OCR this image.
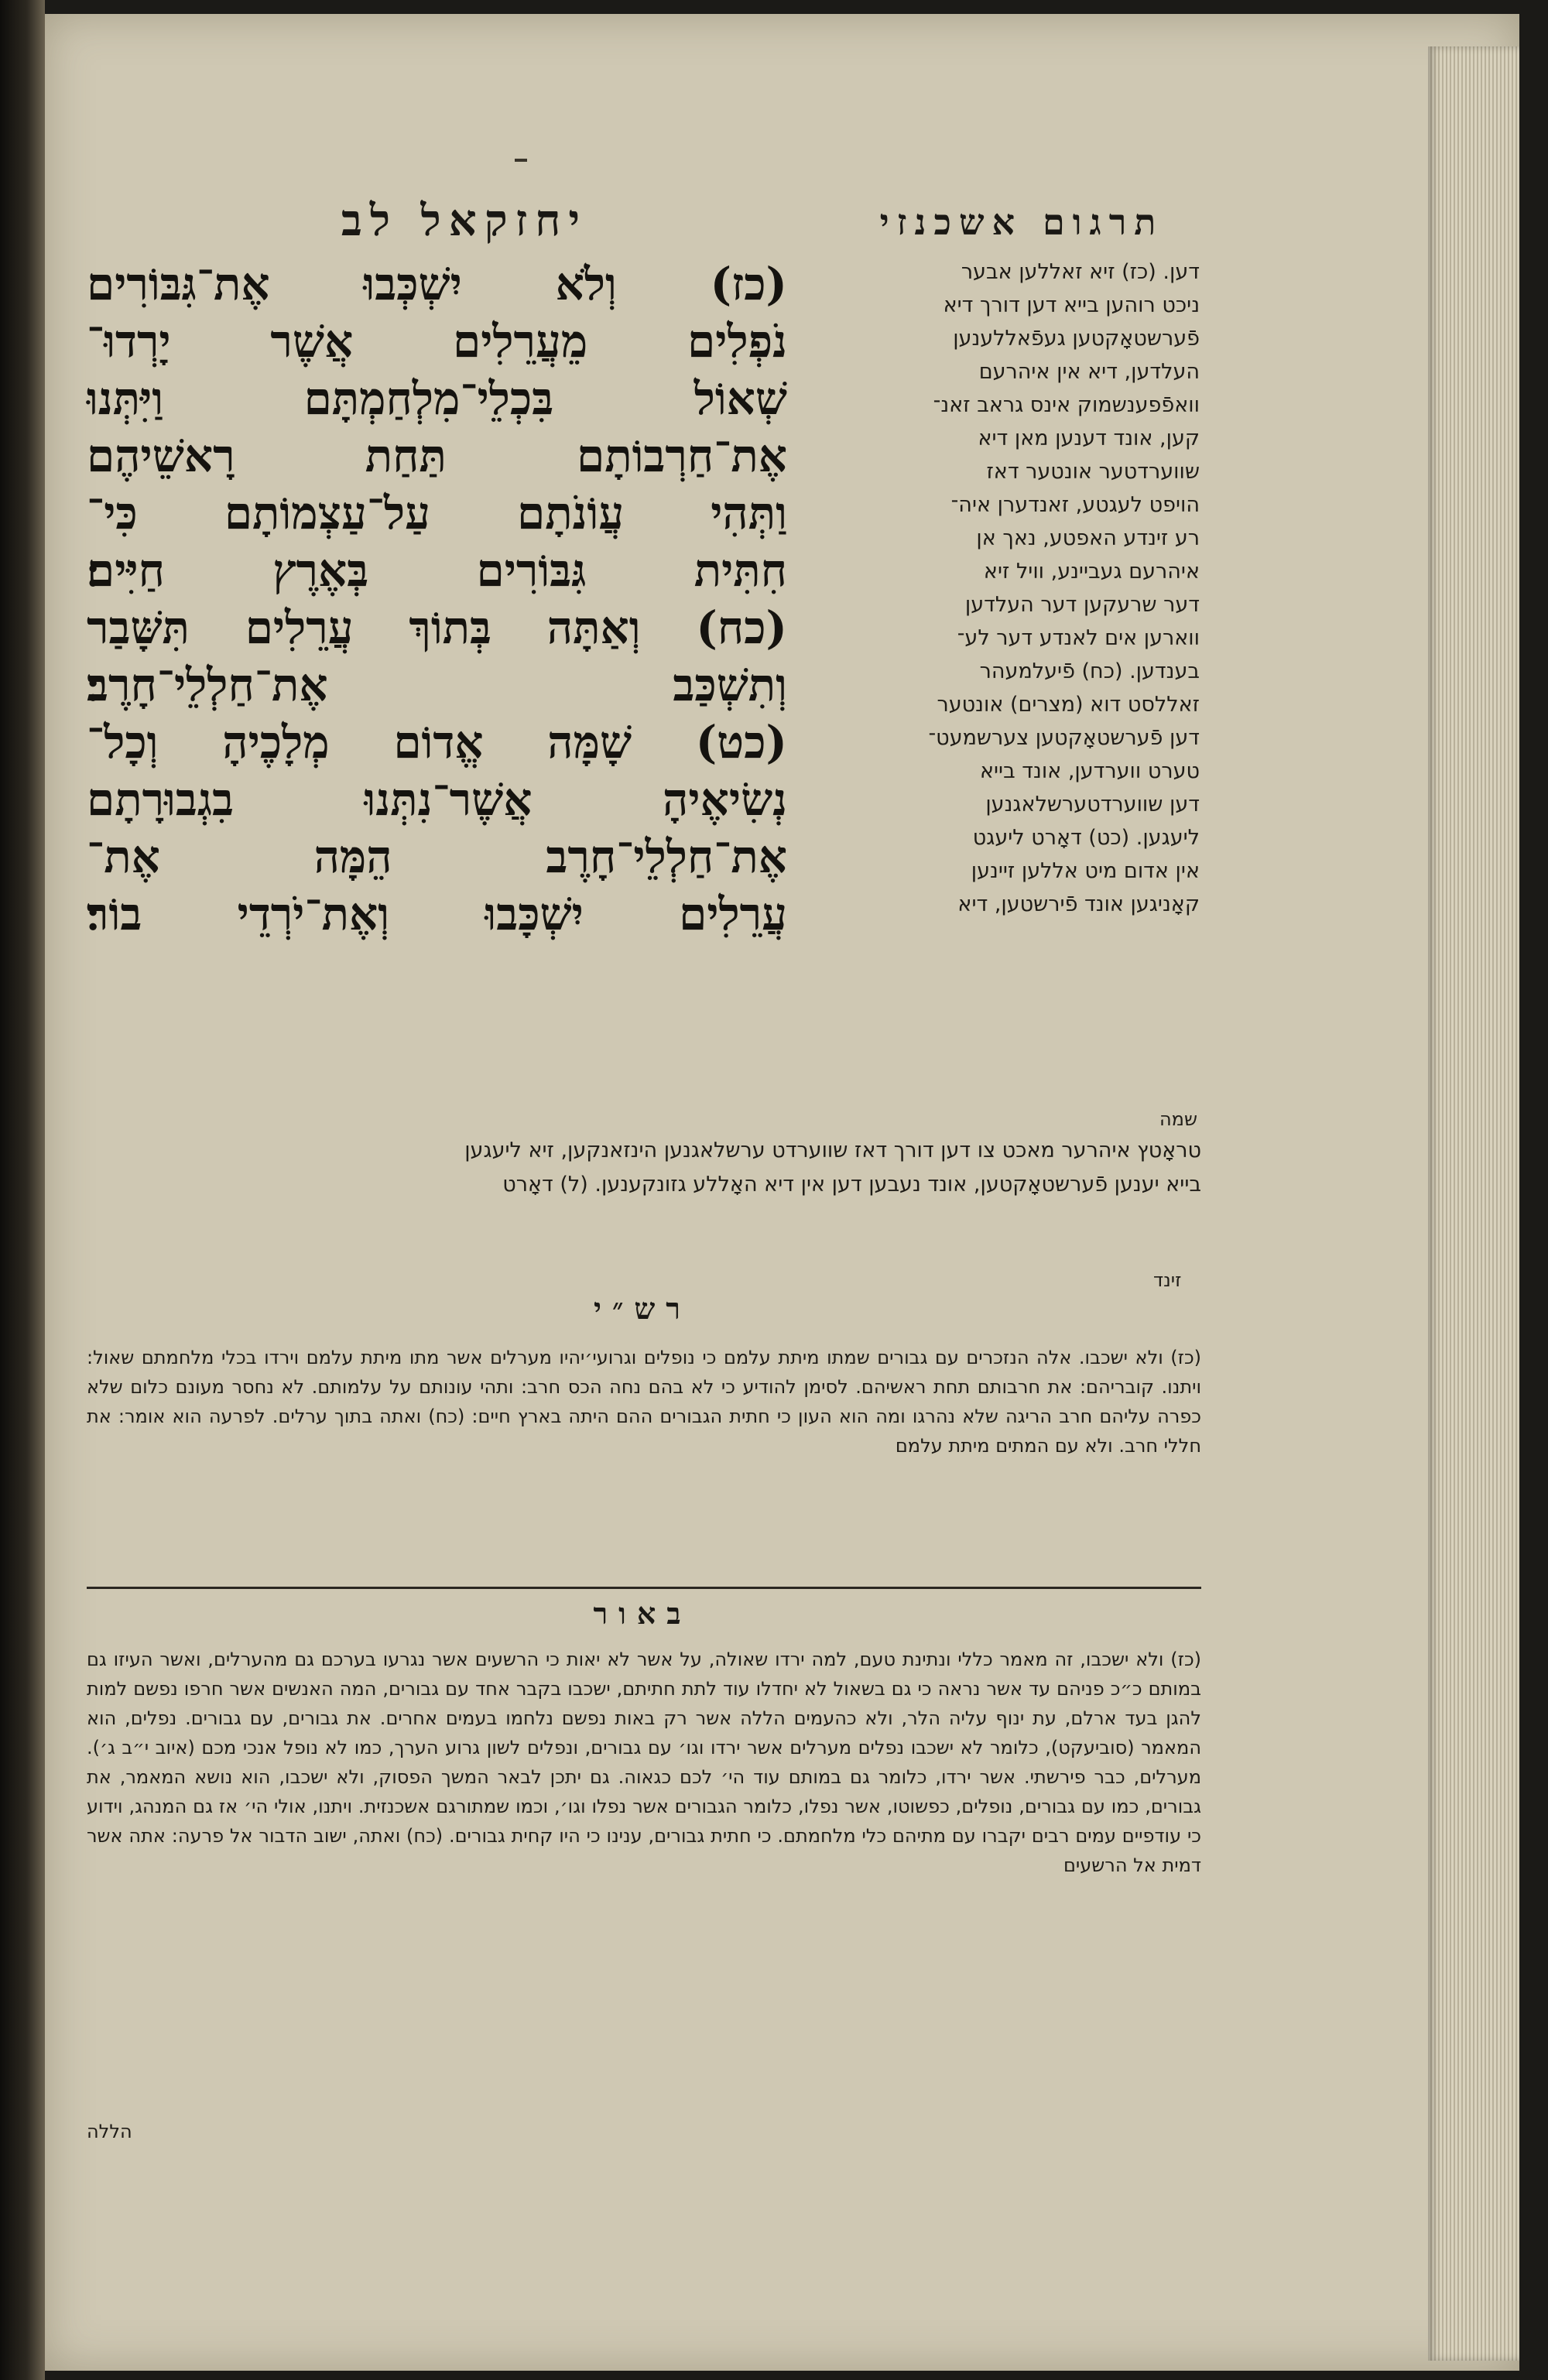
תרגום אשכנזי
יחזקאל לב
(כז) וְלֹא יִשְׁכְּבוּ אֶת־גִּבּוֹרִים
נֹפְלִים מֵעֲרֵלִים אֲשֶׁר יָרְדוּ־
שְׁאוֹל בִּכְלֵי־מִלְחַמְתָּם וַיִּתְּנוּ
אֶת־חַרְבוֹתָם תַּחַת רָאשֵׁיהֶם
וַתְּהִי עֲוֹנֹתָם עַל־עַצְמוֹתָם כִּי־
חִתִּית גִּבּוֹרִים בְּאֶרֶץ חַיִּים׃
(כח) וְאַתָּה בְּתוֹךְ עֲרֵלִים תִּשָּׁבַר
וְתִשְׁכַּב אֶת־חַלְלֵי־חָרֶב׃
(כט) שָׁמָּה אֱדוֹם מְלָכֶיהָ וְכָל־
נְשִׂיאֶיהָ אֲשֶׁר־נִתְּנוּ בִגְבוּרָתָם
אֶת־חַלְלֵי־חָרֶב הֵמָּה אֶת־
עֲרֵלִים יִשְׁכָּבוּ וְאֶת־יֹרְדֵי בוֹר׃
דען. (כז) זיא זאללען אבער
ניכט רוהען בייא דען דורך דיא
פֿערשטאָקטען געפֿאללענען
העלדען, דיא אין איהרעם
וואפֿפענשמוק אינס גראב זאנ־
קען, אונד דענען מאן דיא
שווערדטער אונטער דאז
הויפט לעגטע, זאנדערן איה־
רע זינדע האפטע, נאך אן
איהרעם געביינע, וויל זיא
דער שרעקען דער העלדען
ווארען אים לאנדע דער לע־
בענדען. (כח) פֿיעלמעהר
זאללסט דוא (מצרים) אונטער
דען פֿערשטאָקטען צערשמעט־
טערט ווערדען, אונד בייא
דען שווערדטערשלאגנען
ליעגען. (כט) דאָרט ליעגט
אין אדום מיט אללען זיינען
קאָניגען אונד פֿירשטען, דיא
שמה
טראָטץ איהרער מאכט צו דען דורך דאז שווערדט ערשלאגנען הינזאנקען, זיא ליעגען
בייא יענען פֿערשטאָקטען, אונד נעבען דען אין דיא האָללע גזונקענען. (ל) דאָרט
זינד
רש״י
(כז) ולא ישכבו. אלה הנזכרים עם גבורים שמתו מיתת עלמם כי נופלים וגרועי׳יהיו מערלים אשר מתו מיתת עלמם וירדו בכלי מלחמתם שאול: ויתנו. קובריהם: את חרבותם תחת ראשיהם. לסימן להודיע כי לא בהם נחה הכס חרב: ותהי עונותם על עלמותם. לא נחסר מעונם כלום שלא כפרה עליהם חרב הריגה שלא נהרגו ומה הוא העון כי חתית הגבורים ההם היתה בארץ חיים: (כח) ואתה בתוך ערלים. לפרעה הוא אומר: את חללי חרב. ולא עם המתים מיתת עלמם
באור
(כז) ולא ישכבו, זה מאמר כללי ונתינת טעם, למה ירדו שאולה, על אשר לא יאות כי הרשעים אשר נגרעו בערכם גם מהערלים, ואשר העיזו גם במותם כ״כ פניהם עד אשר נראה כי גם בשאול לא יחדלו עוד לתת חתיתם, ישכבו בקבר אחד עם גבורים, המה האנשים אשר חרפו נפשם למות להגן בעד ארלם, עת ינוף עליה הלר, ולא כהעמים הללה אשר רק באות נפשם נלחמו בעמים אחרים. את גבורים, עם גבורים. נפלים, הוא המאמר (סוביעקט), כלומר לא ישכבו נפלים מערלים אשר ירדו וגו׳ עם גבורים, ונפלים לשון גרוע הערך, כמו לא נופל אנכי מכם (איוב י״ב ג׳). מערלים, כבר פירשתי. אשר ירדו, כלומר גם במותם עוד הי׳ לכם כגאוה. גם יתכן לבאר המשך הפסוק, ולא ישכבו, הוא נושא המאמר, את גבורים, כמו עם גבורים, נופלים, כפשוטו, אשר נפלו, כלומר הגבורים אשר נפלו וגו׳, וכמו שמתורגם אשכנזית. ויתנו, אולי הי׳ אז גם המנהג, וידוע כי עודפיים עמים רבים יקברו עם מתיהם כלי מלחמתם. כי חתית גבורים, ענינו כי היו קחית גבורים. (כח) ואתה, ישוב הדבור אל פרעה: אתה אשר דמית אל הרשעים
הללה
